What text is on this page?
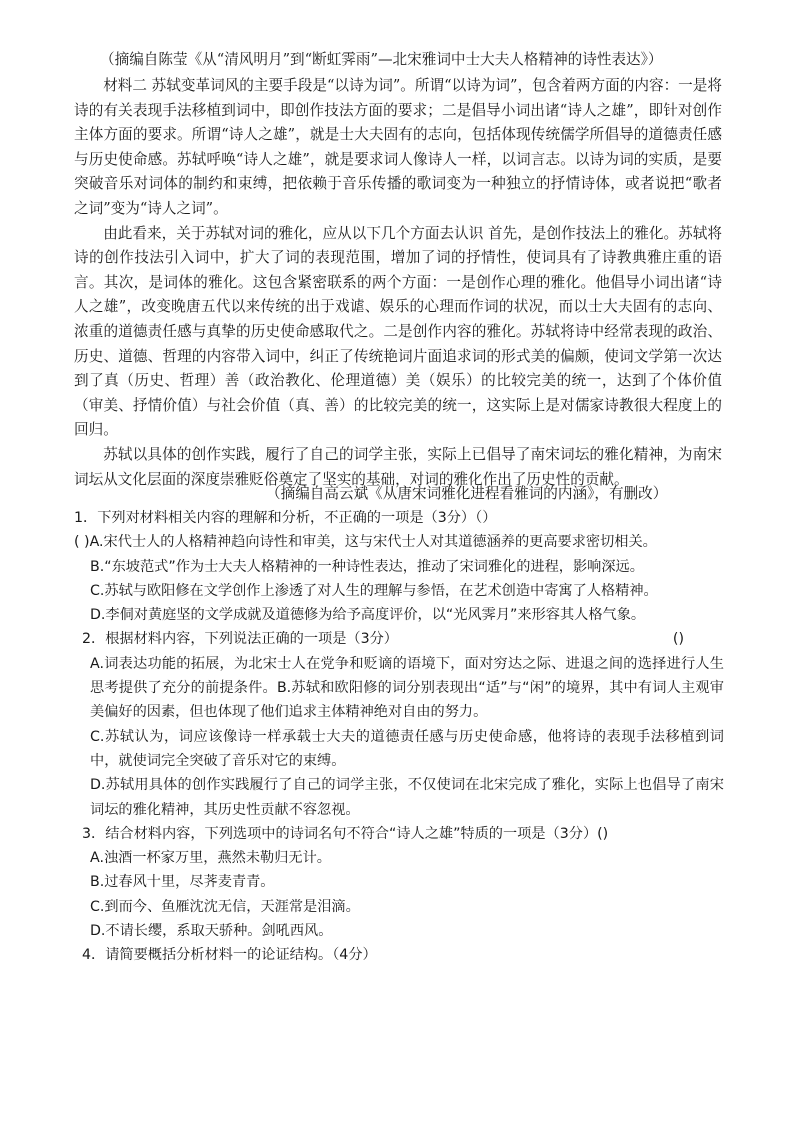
（摘编自陈莹《从“清风明月”到“断虹霁雨”—北宋雅词中士大夫人格精神的诗性表达》）

材料二 苏轼变革词风的主要手段是“以诗为词”。所谓“以诗为词”，包含着两方面的内容：一是将诗的有关表现手法移植到词中，即创作技法方面的要求；二是倡导小词出诸“诗人之雄”，即针对创作主体方面的要求。所谓“诗人之雄”，就是士大夫固有的志向，包括体现传统儒学所倡导的道德责任感与历史使命感。苏轼呼唤“诗人之雄”，就是要求词人像诗人一样，以词言志。以诗为词的实质，是要突破音乐对词体的制约和束缚，把依赖于音乐传播的歌词变为一种独立的抒情诗体，或者说把“歌者之词”变为“诗人之词”。

由此看来，关于苏轼对词的雅化，应从以下几个方面去认识 首先，是创作技法上的雅化。苏轼将诗的创作技法引入词中，扩大了词的表现范围，增加了词的抒情性，使词具有了诗教典雅庄重的语言。其次，是词体的雅化。这包含紧密联系的两个方面：一是创作心理的雅化。他倡导小词出诸“诗人之雄”，改变晚唐五代以来传统的出于戏谑、娱乐的心理而作词的状况，而以士大夫固有的志向、浓重的道德责任感与真挚的历史使命感取代之。二是创作内容的雅化。苏轼将诗中经常表现的政治、历史、道德、哲理的内容带入词中，纠正了传统艳词片面追求词的形式美的偏颇，使词文学第一次达到了真（历史、哲理）善（政治教化、伦理道德）美（娱乐）的比较完美的统一，达到了个体价值（审美、抒情价值）与社会价值（真、善）的比较完美的统一，这实际上是对儒家诗教很大程度上的回归。

苏轼以具体的创作实践，履行了自己的词学主张，实际上已倡导了南宋词坛的雅化精神，为南宋词坛从文化层面的深度崇雅贬俗奠定了坚实的基础，对词的雅化作出了历史性的贡献。

（摘编自高云斌《从唐宋词雅化进程看雅词的内涵》，有删改）

1．下列对材料相关内容的理解和分析，不正确的一项是（3分）（）

( )A.宋代士人的人格精神趋向诗性和审美，这与宋代士人对其道德涵养的更高要求密切相关。

B.“东坡范式”作为士大夫人格精神的一种诗性表达，推动了宋词雅化的进程，影响深远。

C.苏轼与欧阳修在文学创作上渗透了对人生的理解与参悟，在艺术创造中寄寓了人格精神。

D.李侗对黄庭坚的文学成就及道德修为给予高度评价，以“光风霁月”来形容其人格气象。

2．根据材料内容，下列说法正确的一项是（3分）	()

A.词表达功能的拓展，为北宋士人在党争和贬谪的语境下，面对穷达之际、进退之间的选择进行人生思考提供了充分的前提条件。B.苏轼和欧阳修的词分别表现出“适”与“闲”的境界，其中有词人主观审美偏好的因素，但也体现了他们追求主体精神绝对自由的努力。

C.苏轼认为，词应该像诗一样承载士大夫的道德责任感与历史使命感，他将诗的表现手法移植到词中，就使词完全突破了音乐对它的束缚。

D.苏轼用具体的创作实践履行了自己的词学主张，不仅使词在北宋完成了雅化，实际上也倡导了南宋词坛的雅化精神，其历史性贡献不容忽视。

3．结合材料内容，下列选项中的诗词名句不符合“诗人之雄”特质的一项是（3分）()

A.浊酒一杯家万里，燕然未勒归无计。

B.过春风十里，尽荠麦青青。

C.到而今、鱼雁沈沈无信，天涯常是泪滴。

D.不请长缨，系取天骄种。剑吼西风。

4．请简要概括分析材料一的论证结构。（4分）
